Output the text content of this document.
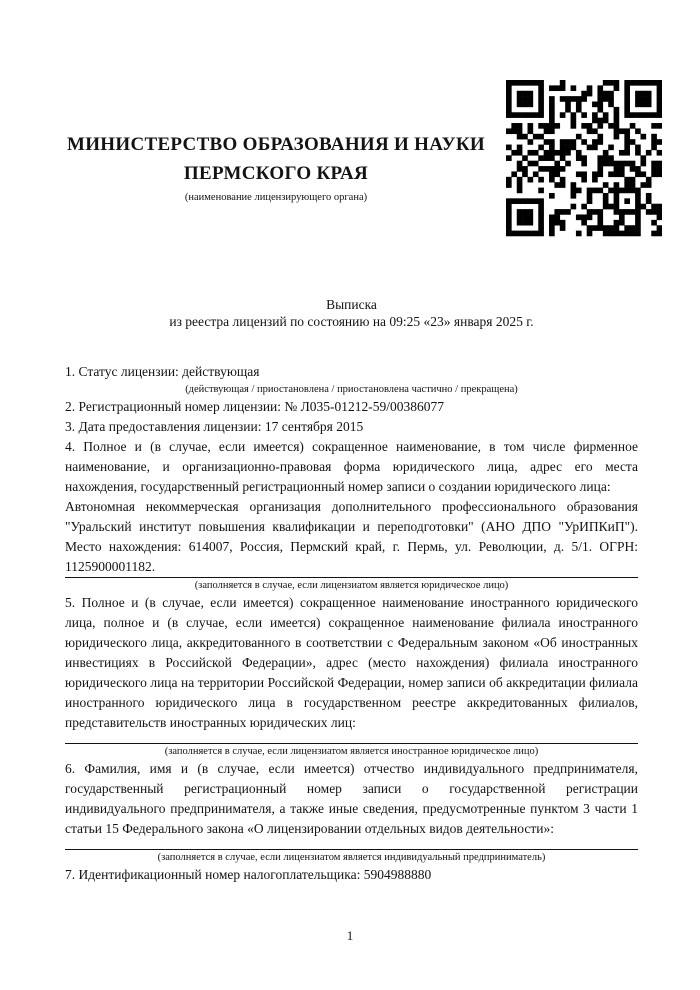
МИНИСТЕРСТВО ОБРАЗОВАНИЯ И НАУКИ
ПЕРМСКОГО КРАЯ
(наименование лицензирующего органа)
Выписка
из реестра лицензий по состоянию на 09:25 «23» января 2025 г.

1. Статус лицензии: действующая

(действующая / приостановлена / приостановлена частично / прекращена)

2. Регистрационный номер лицензии: № Л035-01212-59/00386077

3. Дата предоставления лицензии: 17 сентября 2015

4. Полное и (в случае, если имеется) сокращенное наименование, в том числе фирменное наименование, и организационно-правовая форма юридического лица, адрес его места нахождения, государственный регистрационный номер записи о создании юридического лица:

Автономная некоммерческая организация дополнительного профессионального образования "Уральский институт повышения квалификации и переподготовки" (АНО ДПО "УрИПКиП"). Место нахождения: 614007, Россия, Пермский край, г. Пермь, ул. Революции, д. 5/1. ОГРН: 1125900001182.
(заполняется в случае, если лицензиатом является юридическое лицо)

5. Полное и (в случае, если имеется) сокращенное наименование иностранного юридического лица, полное и (в случае, если имеется) сокращенное наименование филиала иностранного юридического лица, аккредитованного в соответствии с Федеральным законом «Об иностранных инвестициях в Российской Федерации», адрес (место нахождения) филиала иностранного юридического лица на территории Российской Федерации, номер записи об аккредитации филиала иностранного юридического лица в государственном реестре аккредитованных филиалов, представительств иностранных юридических лиц:

(заполняется в случае, если лицензиатом является иностранное юридическое лицо)

6. Фамилия, имя и (в случае, если имеется) отчество индивидуального предпринимателя, государственный регистрационный номер записи о государственной регистрации индивидуального предпринимателя, а также иные сведения, предусмотренные пунктом 3 части 1 статьи 15 Федерального закона «О лицензировании отдельных видов деятельности»:

(заполняется в случае, если лицензиатом является индивидуальный предприниматель)

7. Идентификационный номер налогоплательщика: 5904988880

1
